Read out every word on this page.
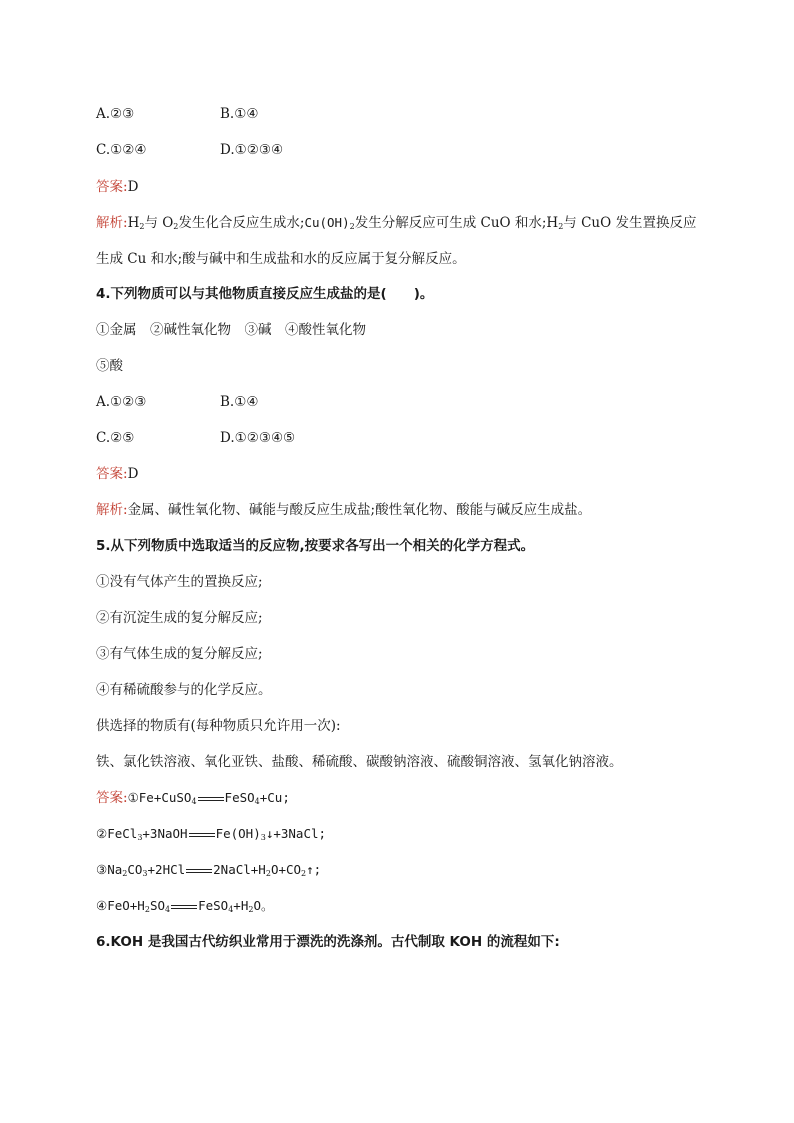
A.②③	B.①④
C.①②④	D.①②③④
答案:D
解析$:H_2$与 $O_2$发生化合反应生成水$;Cu(OH)_2$发生分解反应可生成 CuO 和水$;H_2$与 CuO 发生置换反应
生成 Cu 和水;酸与碱中和生成盐和水的反应属于复分解反应。
4.下列物质可以与其他物质直接反应生成盐的是(　　)。
①金属　②碱性氧化物　③碱　④酸性氧化物
⑤酸
A.①②③	B.①④
C.②⑤	D.①②③④⑤
答案:D
解析:金属、碱性氧化物、碱能与酸反应生成盐;酸性氧化物、酸能与碱反应生成盐。
5.从下列物质中选取适当的反应物,按要求各写出一个相关的化学方程式。
①没有气体产生的置换反应;
②有沉淀生成的复分解反应;
③有气体生成的复分解反应;
④有稀硫酸参与的化学反应。
供选择的物质有(每种物质只允许用一次):
铁、氯化铁溶液、氧化亚铁、盐酸、稀硫酸、碳酸钠溶液、硫酸铜溶液、氢氧化钠溶液。
答案:①Fe+CuSO$_4$ FeSO$_4$+Cu;
②FeCl$_3$+3NaOH $Fe(OH)_3↓+3NaCl$;
$③Na_2CO_3+2HCl$ $2NaCl+H_2O+CO_2↑$;
$④FeO+H_2SO_4$ $FeSO_4+H_2O$。
6.KOH 是我国古代纺织业常用于漂洗的洗涤剂。古代制取 KOH 的流程如下:
